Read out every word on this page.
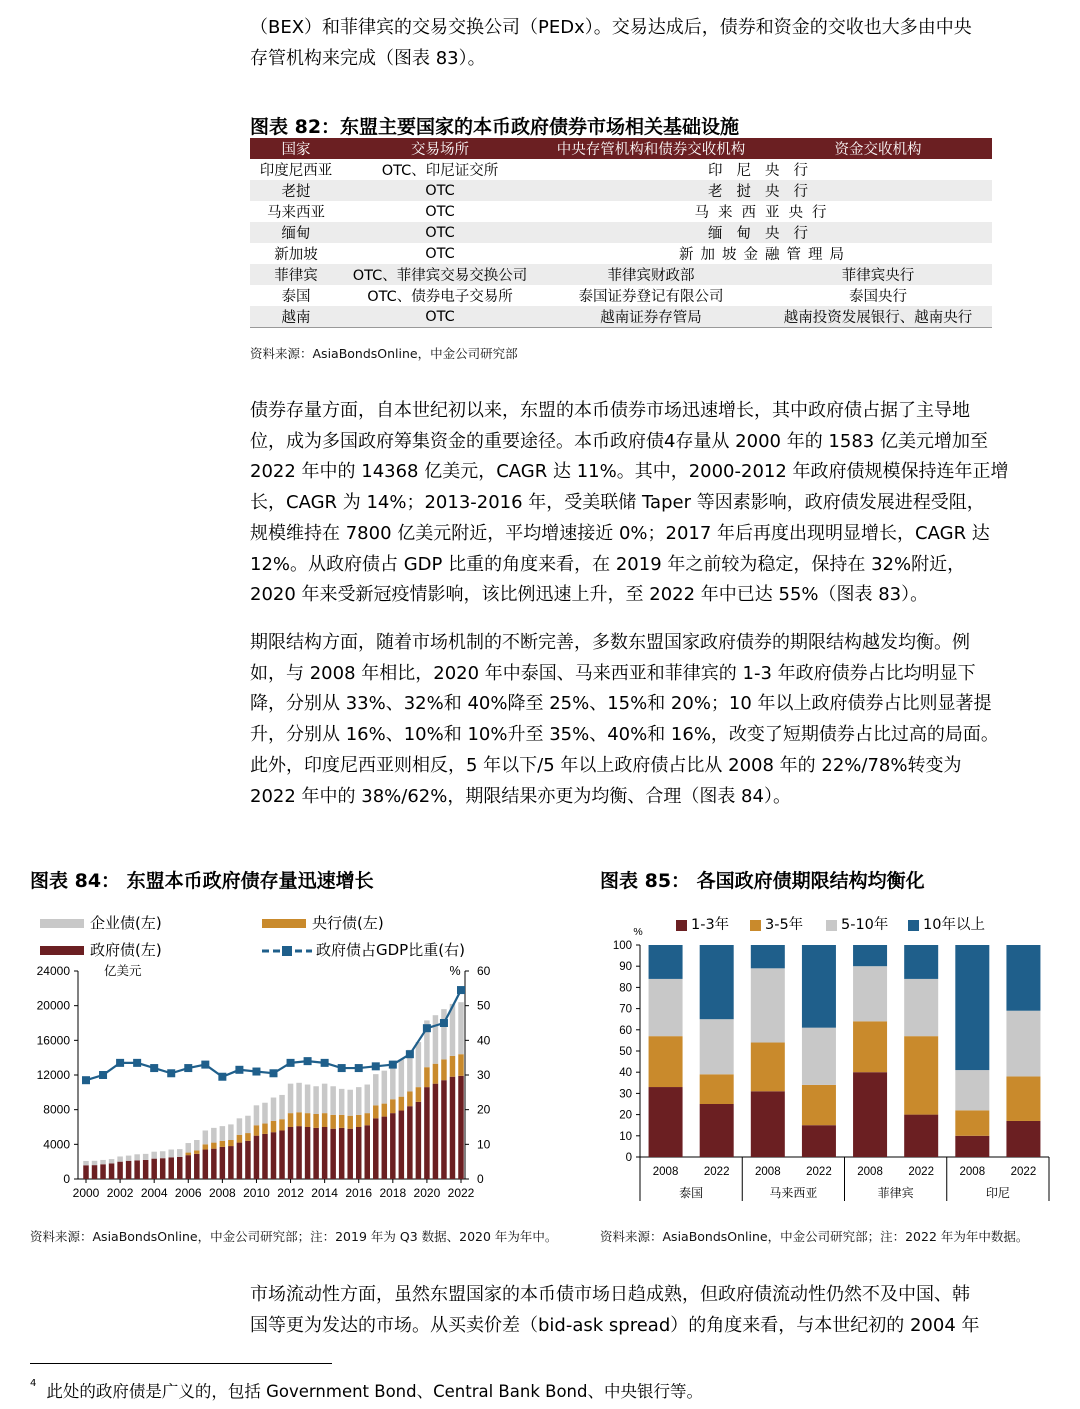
（BEX）和菲律宾的交易交换公司（PEDx）。交易达成后，债券和资金的交收也大多由中央
存管机构来完成（图表 83）。
图表 82：东盟主要国家的本币政府债券市场相关基础设施
国家	交易场所	中央存管机构和债券交收机构	资金交收机构
印度尼西亚	OTC、印尼证交所	印尼央行	
老挝	OTC	老挝央行	
马来西亚	OTC	马来西亚央行	
缅甸	OTC	缅甸央行	
新加坡	OTC	新加坡金融管理局	
菲律宾	OTC、菲律宾交易交换公司	菲律宾财政部	菲律宾央行
泰国	OTC、债券电子交易所	泰国证券登记有限公司	泰国央行
越南	OTC	越南证券存管局	越南投资发展银行、越南央行
资料来源：AsiaBondsOnline，中金公司研究部
债券存量方面，自本世纪初以来，东盟的本币债券市场迅速增长，其中政府债占据了主导地
位，成为多国政府筹集资金的重要途径。本币政府债4存量从 2000 年的 1583 亿美元增加至
2022 年中的 14368 亿美元，CAGR 达 11%。其中，2000-2012 年政府债规模保持连年正增
长，CAGR 为 14%；2013-2016 年，受美联储 Taper 等因素影响，政府债发展进程受阻，
规模维持在 7800 亿美元附近，平均增速接近 0%；2017 年后再度出现明显增长，CAGR 达
12%。从政府债占 GDP 比重的角度来看，在 2019 年之前较为稳定，保持在 32%附近，
2020 年来受新冠疫情影响，该比例迅速上升，至 2022 年中已达 55%（图表 83）。
期限结构方面，随着市场机制的不断完善，多数东盟国家政府债券的期限结构越发均衡。例
如，与 2008 年相比，2020 年中泰国、马来西亚和菲律宾的 1-3 年政府债券占比均明显下
降，分别从 33%、32%和 40%降至 25%、15%和 20%；10 年以上政府债券占比则显著提
升，分别从 16%、10%和 10%升至 35%、40%和 16%，改变了短期债券占比过高的局面。
此外，印度尼西亚则相反，5 年以下/5 年以上政府债占比从 2008 年的 22%/78%转变为
2022 年中的 38%/62%，期限结果亦更为均衡、合理（图表 84）。
图表 84： 东盟本币政府债存量迅速增长
企业债(左)	央行债(左)
政府债(左)	政府债占GDP比重(右)
0
4000
8000
12000
16000
20000
24000
0
10
20
30
40
50
60
亿美元	%
2000 2002 2004 2006 2008 2010 2012 2014 2016 2018 2020 2022
资料来源：AsiaBondsOnline，中金公司研究部；注：2019 年为 Q3 数据、2020 年为年中。
图表 85： 各国政府债期限结构均衡化
1-3年	3-5年	5-10年	10年以上
%
0
10
20
30
40
50
60
70
80
90
100
2008 2022 2008 2022 2008 2022 2008 2022
泰国	马来西亚	菲律宾	印尼
资料来源：AsiaBondsOnline，中金公司研究部；注：2022 年为年中数据。
市场流动性方面，虽然东盟国家的本币债市场日趋成熟，但政府债流动性仍然不及中国、韩
国等更为发达的市场。从买卖价差（bid-ask spread）的角度来看，与本世纪初的 2004 年
$^4$ 此处的政府债是广义的，包括 Government Bond、Central Bank Bond、中央银行等。
